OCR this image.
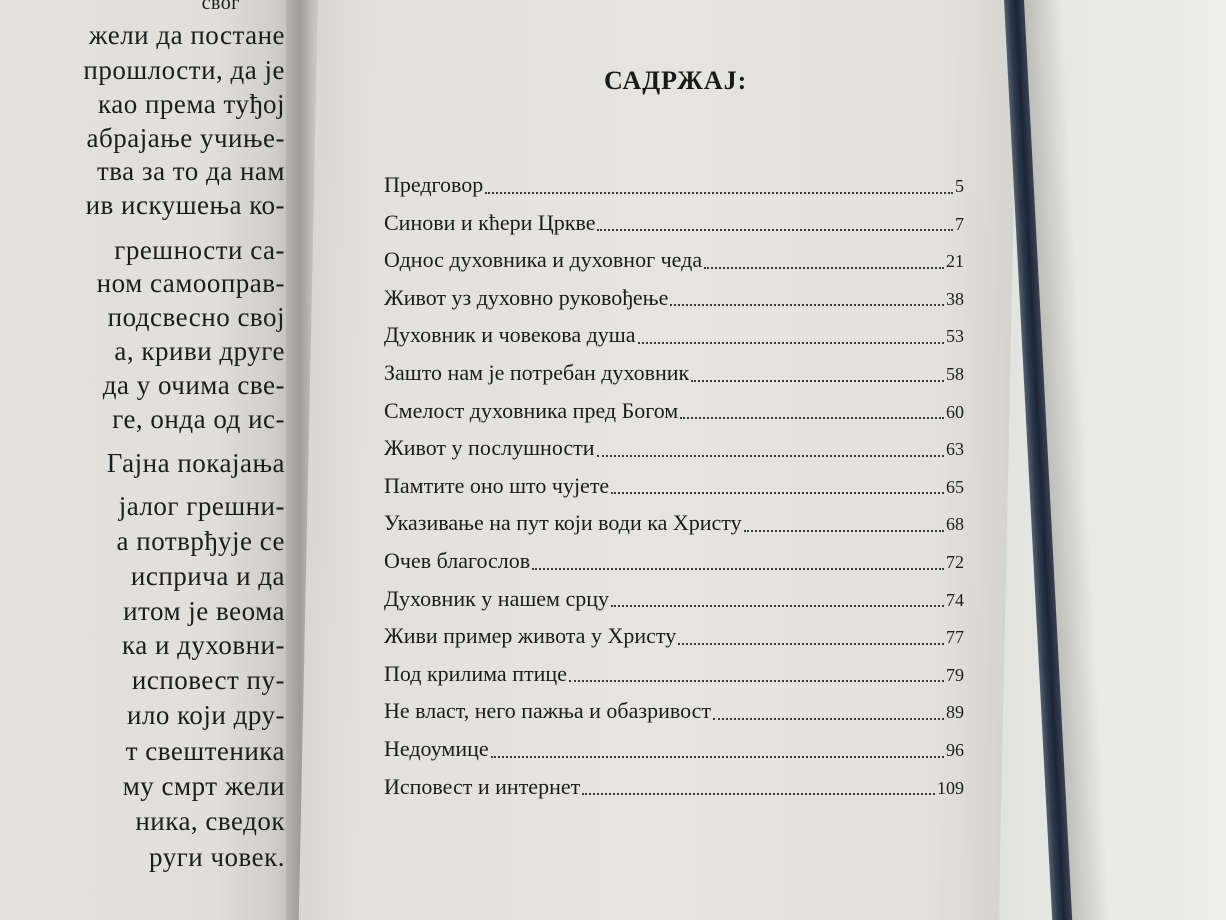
свог
жели да постане
прошлости, да је
као према туђој
абрајање учиње-
тва за то да нам
ив искушења ко-
грешности са-
ном самооправ-
подсвесно свој
а, криви друге
да у очима све-
ге, онда од ис-
Гајна покајања
јалог грешни-
а потврђује се
исприча и да
итом је веома
ка и духовни-
исповест пу-
ило који дру-
т свештеника
му смрт жели
ника, сведок
руги човек.
САДРЖАЈ:
Предговор	5
Синови и кћери Цркве	7
Однос духовника и духовног чеда	21
Живот уз духовно руковођење	38
Духовник и човекова душа	53
Зашто нам је потребан духовник	58
Смелост духовника пред Богом	60
Живот у послушности	63
Памтите оно што чујете	65
Указивање на пут који води ка Христу	68
Очев благослов	72
Духовник у нашем срцу	74
Живи пример живота у Христу	77
Под крилима птице	79
Не власт, него пажња и обазривост	89
Недоумице	96
Исповест и интернет	109
